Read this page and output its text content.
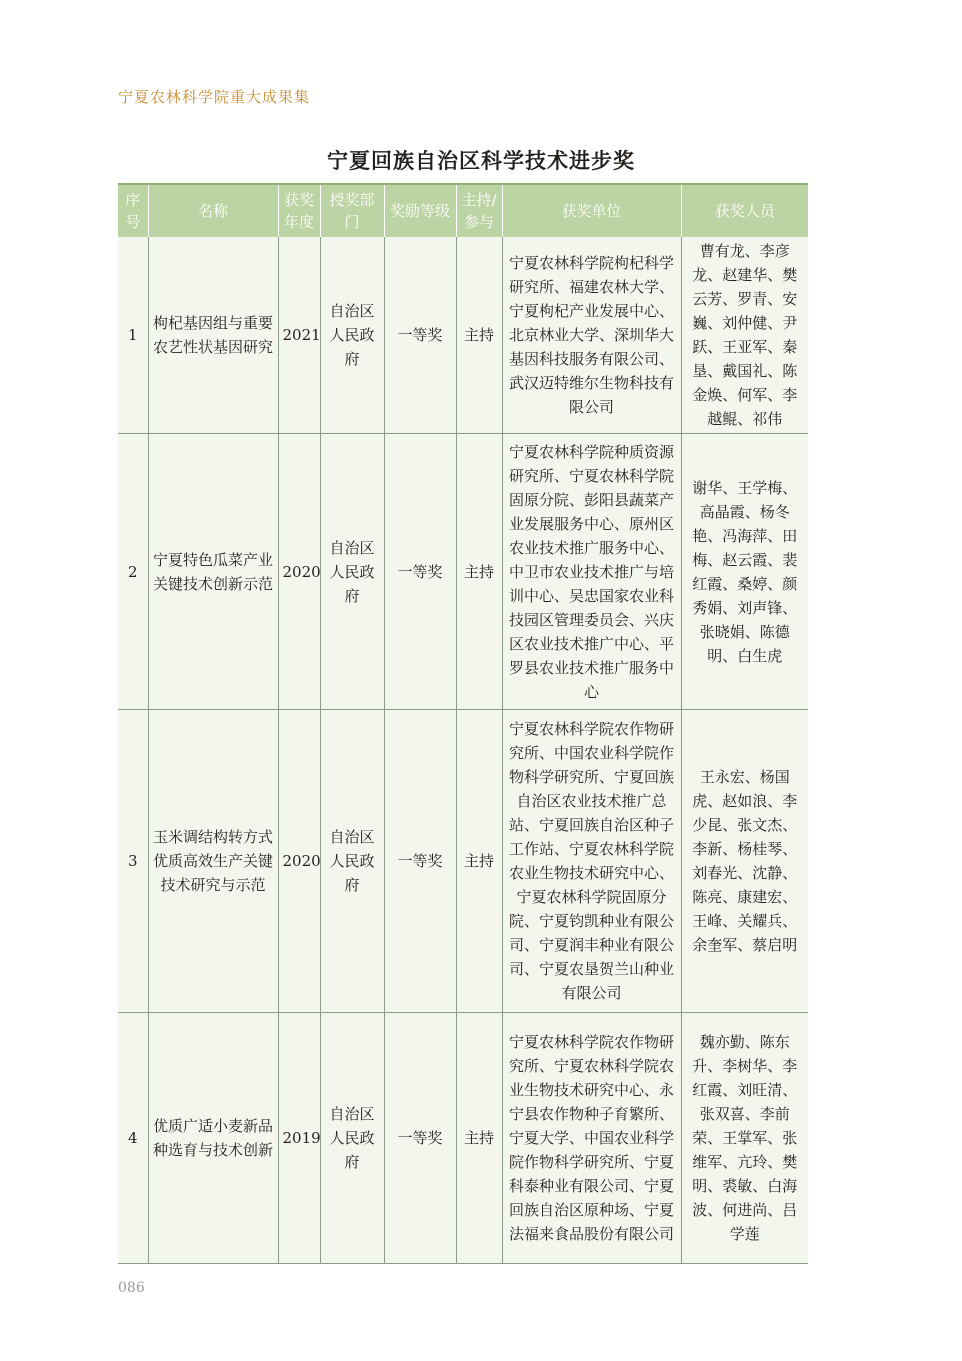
宁夏农林科学院重大成果集
宁夏回族自治区科学技术进步奖
序号	名称	获奖年度	授奖部门	奖励等级	主持/参与	获奖单位	获奖人员
1	枸杞基因组与重要农艺性状基因研究	2021	自治区人民政府	一等奖	主持	宁夏农林科学院枸杞科学研究所、福建农林大学、宁夏枸杞产业发展中心、北京林业大学、深圳华大基因科技服务有限公司、武汉迈特维尔生物科技有限公司	曹有龙、李彦龙、赵建华、樊云芳、罗青、安巍、刘仲健、尹跃、王亚军、秦垦、戴国礼、陈金焕、何军、李越鲲、祁伟
2	宁夏特色瓜菜产业关键技术创新示范	2020	自治区人民政府	一等奖	主持	宁夏农林科学院种质资源研究所、宁夏农林科学院固原分院、彭阳县蔬菜产业发展服务中心、原州区农业技术推广服务中心、中卫市农业技术推广与培训中心、吴忠国家农业科技园区管理委员会、兴庆区农业技术推广中心、平罗县农业技术推广服务中心	谢华、王学梅、高晶霞、杨冬艳、冯海萍、田梅、赵云霞、裴红霞、桑婷、颜秀娟、刘声锋、张晓娟、陈德明、白生虎
3	玉米调结构转方式优质高效生产关键技术研究与示范	2020	自治区人民政府	一等奖	主持	宁夏农林科学院农作物研究所、中国农业科学院作物科学研究所、宁夏回族自治区农业技术推广总站、宁夏回族自治区种子工作站、宁夏农林科学院农业生物技术研究中心、宁夏农林科学院固原分院、宁夏钧凯种业有限公司、宁夏润丰种业有限公司、宁夏农垦贺兰山种业有限公司	王永宏、杨国虎、赵如浪、李少昆、张文杰、李新、杨桂琴、刘春光、沈静、陈亮、康建宏、王峰、关耀兵、余奎军、蔡启明
4	优质广适小麦新品种选育与技术创新	2019	自治区人民政府	一等奖	主持	宁夏农林科学院农作物研究所、宁夏农林科学院农业生物技术研究中心、永宁县农作物种子育繁所、宁夏大学、中国农业科学院作物科学研究所、宁夏科泰种业有限公司、宁夏回族自治区原种场、宁夏法福来食品股份有限公司	魏亦勤、陈东升、李树华、李红霞、刘旺清、张双喜、李前荣、王掌军、张维军、亢玲、樊明、裘敏、白海波、何进尚、吕学莲
086
